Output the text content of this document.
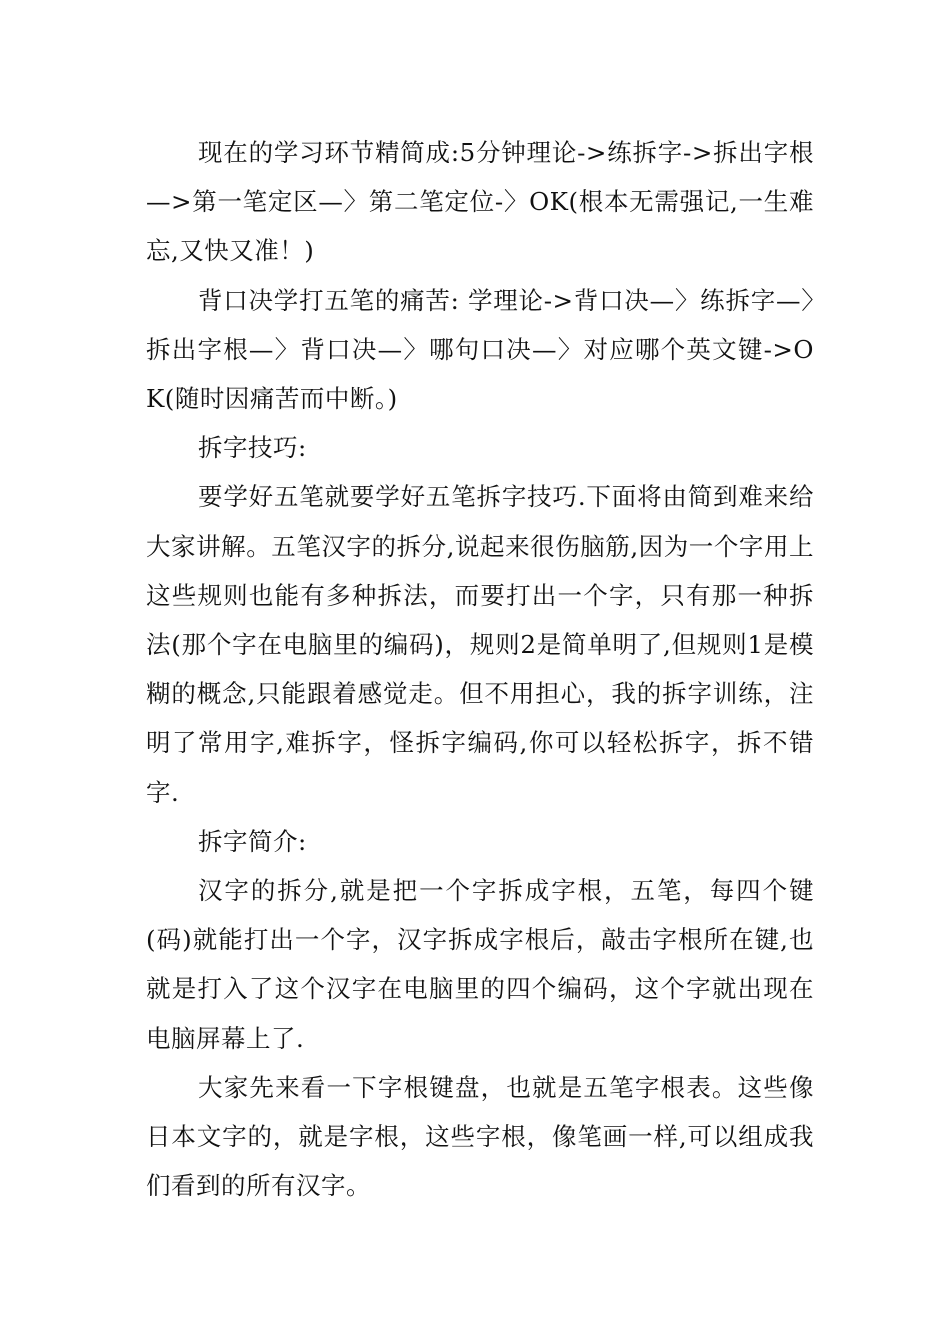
现在的学习环节精简成:5分钟理论->练拆字->拆出字根—>第一笔定区—〉第二笔定位-〉OK(根本无需强记,一生难忘,又快又准！)

背口决学打五笔的痛苦: 学理论->背口决—〉练拆字—〉拆出字根—〉背口决—〉哪句口决—〉对应哪个英文键->OK(随时因痛苦而中断。)

拆字技巧:

要学好五笔就要学好五笔拆字技巧.下面将由简到难来给大家讲解。五笔汉字的拆分,说起来很伤脑筋,因为一个字用上这些规则也能有多种拆法，而要打出一个字，只有那一种拆法(那个字在电脑里的编码)，规则2是简单明了,但规则1是模糊的概念,只能跟着感觉走。但不用担心，我的拆字训练，注明了常用字,难拆字，怪拆字编码,你可以轻松拆字，拆不错字.

拆字简介:

汉字的拆分,就是把一个字拆成字根，五笔，每四个键(码)就能打出一个字，汉字拆成字根后，敲击字根所在键,也就是打入了这个汉字在电脑里的四个编码，这个字就出现在电脑屏幕上了.

大家先来看一下字根键盘，也就是五笔字根表。这些像日本文字的，就是字根，这些字根，像笔画一样,可以组成我们看到的所有汉字。
